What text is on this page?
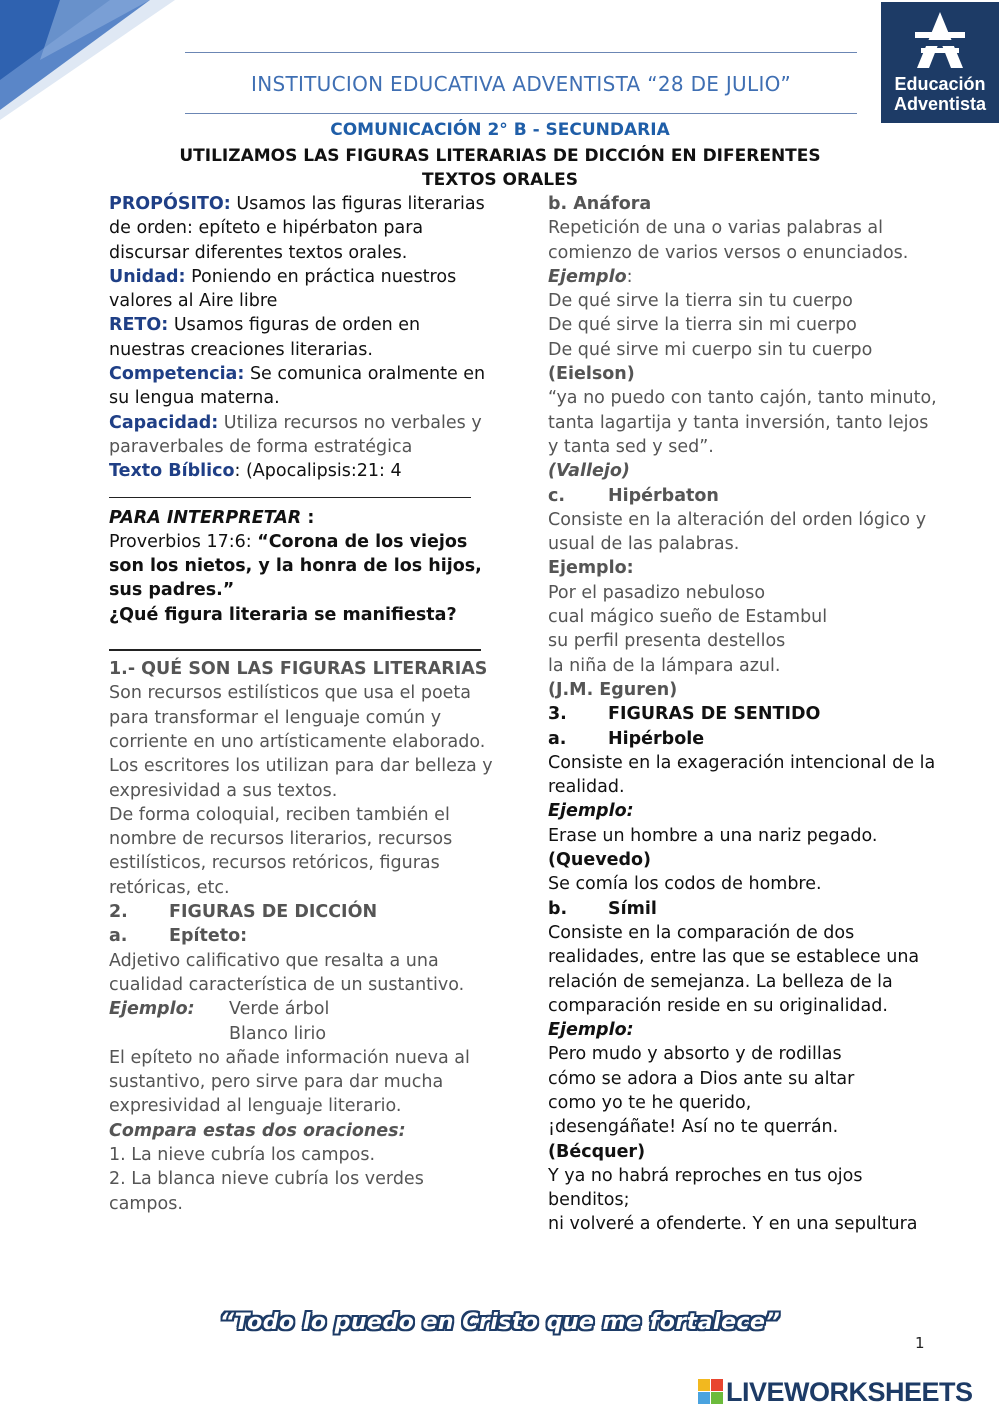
INSTITUCION EDUCATIVA ADVENTISTA “28 DE JULIO”	Educación
Adventista
COMUNICACIÓN 2° B - SECUNDARIA
UTILIZAMOS LAS FIGURAS LITERARIAS DE DICCIÓN EN DIFERENTES
TEXTOS ORALES

PROPÓSITO: Usamos las figuras literarias de orden: epíteto e hipérbaton para discursar diferentes textos orales.

Unidad: Poniendo en práctica nuestros valores al Aire libre

RETO: Usamos figuras de orden en nuestras creaciones literarias.

Competencia: Se comunica oralmente en su lengua materna.

Capacidad: Utiliza recursos no verbales y paraverbales de forma estratégica

Texto Bíblico: (Apocalipsis:21: 4

PARA INTERPRETAR :

Proverbios 17:6: “Corona de los viejos son los nietos, y la honra de los hijos, sus padres.”

¿Qué figura literaria se manifiesta?

1.- QUÉ SON LAS FIGURAS LITERARIAS

Son recursos estilísticos que usa el poeta para transformar el lenguaje común y corriente en uno artísticamente elaborado. Los escritores los utilizan para dar belleza y expresividad a sus textos.

De forma coloquial, reciben también el nombre de recursos literarios, recursos estilísticos, recursos retóricos, figuras retóricas, etc.

2. FIGURAS DE DICCIÓN

a. Epíteto:

Adjetivo calificativo que resalta a una cualidad característica de un sustantivo.

Ejemplo:	Verde árbol

Blanco lirio

El epíteto no añade información nueva al sustantivo, pero sirve para dar mucha expresividad al lenguaje literario.

Compara estas dos oraciones:

1. La nieve cubría los campos.

2. La blanca nieve cubría los verdes campos.

b. Anáfora

Repetición de una o varias palabras al comienzo de varios versos o enunciados.

Ejemplo:

De qué sirve la tierra sin tu cuerpo

De qué sirve la tierra sin mi cuerpo

De qué sirve mi cuerpo sin tu cuerpo

(Eielson)

“ya no puedo con tanto cajón, tanto minuto,

tanta lagartija y tanta inversión, tanto lejos y tanta sed y sed”.

(Vallejo)

c. Hipérbaton

Consiste en la alteración del orden lógico y usual de las palabras.

Ejemplo:

Por el pasadizo nebuloso

cual mágico sueño de Estambul

su perfil presenta destellos

la niña de la lámpara azul.

(J.M. Eguren)

3. FIGURAS DE SENTIDO

a. Hipérbole

Consiste en la exageración intencional de la realidad.

Ejemplo:

Erase un hombre a una nariz pegado.

(Quevedo)

Se comía los codos de hombre.

b. Símil

Consiste en la comparación de dos realidades, entre las que se establece una relación de semejanza. La belleza de la comparación reside en su originalidad.

Ejemplo:

Pero mudo y absorto y de rodillas

cómo se adora a Dios ante su altar

como yo te he querido,

¡desengáñate! Así no te querrán.

(Bécquer)

Y ya no habrá reproches en tus ojos benditos;

ni volveré a ofenderte. Y en una sepultura

“Todo lo puedo en Cristo que me fortalece”
1
LIVEWORKSHEETS
